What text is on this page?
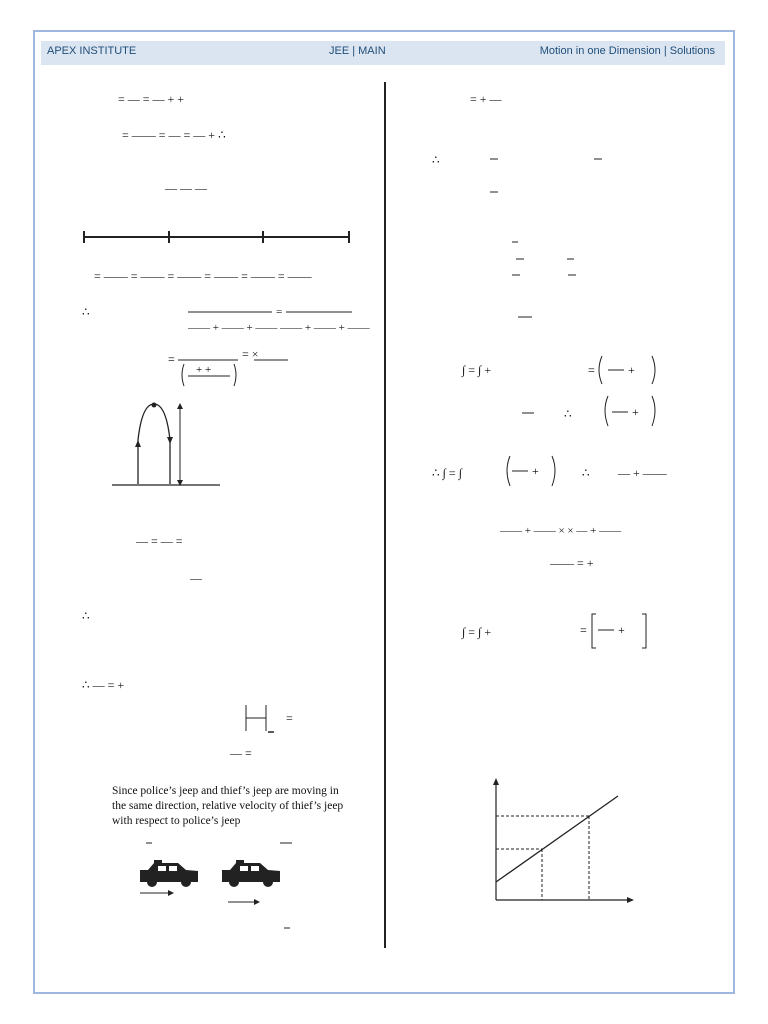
APEX INSTITUTE	JEE | MAIN	Motion in one Dimension | Solutions
= — = — + +
= —— = — = — + ∴
— — —
= —— = —— = —— = —— = —— = ——
∴	=
—— + —— + —— —— + —— + ——
= ×
=
+ +
— = — =
—
∴
∴ — = +
=
— =

Since police’s jeep and thief’s jeep are moving in

the same direction, relative velocity of thief’s jeep

with respect to police’s jeep

= + —
∴
∫ = ∫ +	=	+
+
∴
∴ ∫ = ∫	+	∴ — + ——
—— + —— × × — + ——
—— = +
∫ = ∫ +	=	+
